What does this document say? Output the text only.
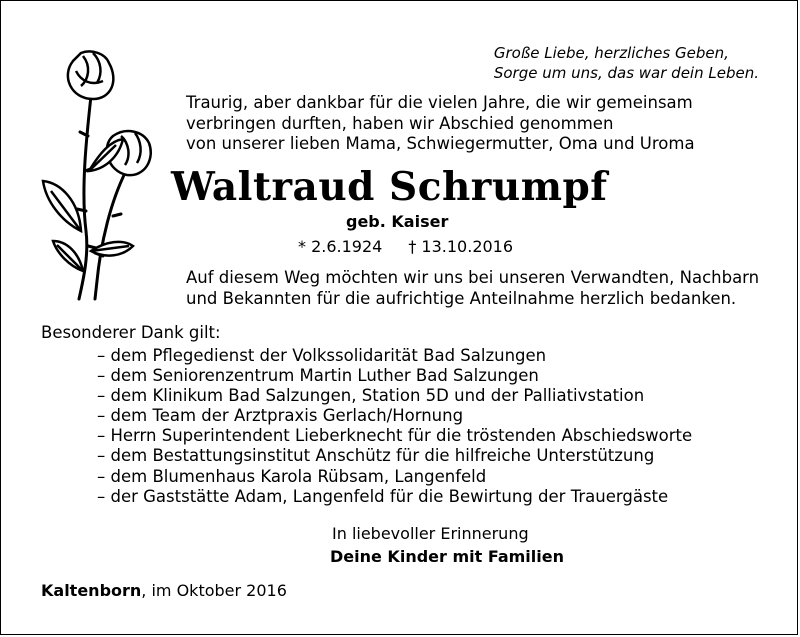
Große Liebe, herzliches Geben,
Sorge um uns, das war dein Leben.
Traurig, aber dankbar für die vielen Jahre, die wir gemeinsam
verbringen durften, haben wir Abschied genommen
von unserer lieben Mama, Schwiegermutter, Oma und Uroma
Waltraud Schrumpf
geb. Kaiser
* 2.6.1924 † 13.10.2016
Auf diesem Weg möchten wir uns bei unseren Verwandten, Nachbarn
und Bekannten für die aufrichtige Anteilnahme herzlich bedanken.
Besonderer Dank gilt:
– dem Pflegedienst der Volkssolidarität Bad Salzungen
– dem Seniorenzentrum Martin Luther Bad Salzungen
– dem Klinikum Bad Salzungen, Station 5D und der Palliativstation
– dem Team der Arztpraxis Gerlach/Hornung
– Herrn Superintendent Lieberknecht für die tröstenden Abschiedsworte
– dem Bestattungsinstitut Anschütz für die hilfreiche Unterstützung
– dem Blumenhaus Karola Rübsam, Langenfeld
– der Gaststätte Adam, Langenfeld für die Bewirtung der Trauergäste
In liebevoller Erinnerung
Deine Kinder mit Familien
Kaltenborn, im Oktober 2016
